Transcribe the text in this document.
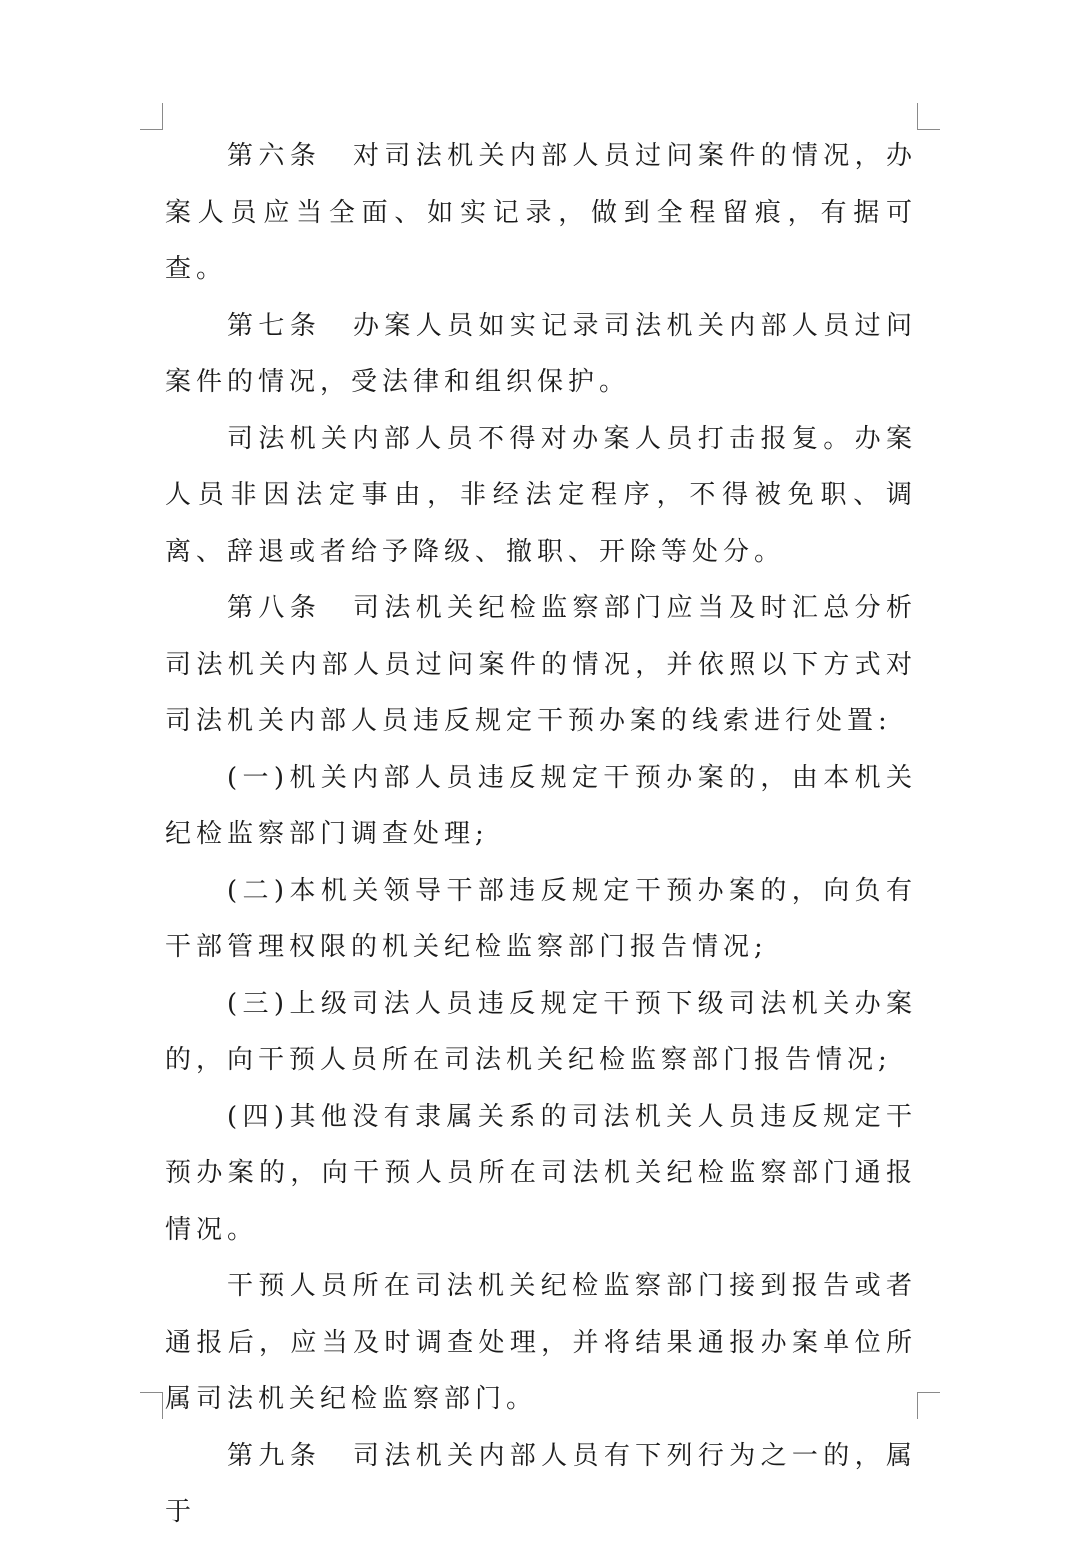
第六条 对司法机关内部人员过问案件的情况，办案人员应当全面、如实记录，做到全程留痕，有据可查。

第七条 办案人员如实记录司法机关内部人员过问案件的情况，受法律和组织保护。

司法机关内部人员不得对办案人员打击报复。办案人员非因法定事由，非经法定程序，不得被免职、调离、辞退或者给予降级、撤职、开除等处分。

第八条 司法机关纪检监察部门应当及时汇总分析司法机关内部人员过问案件的情况，并依照以下方式对司法机关内部人员违反规定干预办案的线索进行处置:

(一)机关内部人员违反规定干预办案的，由本机关纪检监察部门调查处理;

(二)本机关领导干部违反规定干预办案的，向负有干部管理权限的机关纪检监察部门报告情况;

(三)上级司法人员违反规定干预下级司法机关办案的，向干预人员所在司法机关纪检监察部门报告情况;

(四)其他没有隶属关系的司法机关人员违反规定干预办案的，向干预人员所在司法机关纪检监察部门通报情况。

干预人员所在司法机关纪检监察部门接到报告或者通报后，应当及时调查处理，并将结果通报办案单位所属司法机关纪检监察部门。

第九条 司法机关内部人员有下列行为之一的，属于
